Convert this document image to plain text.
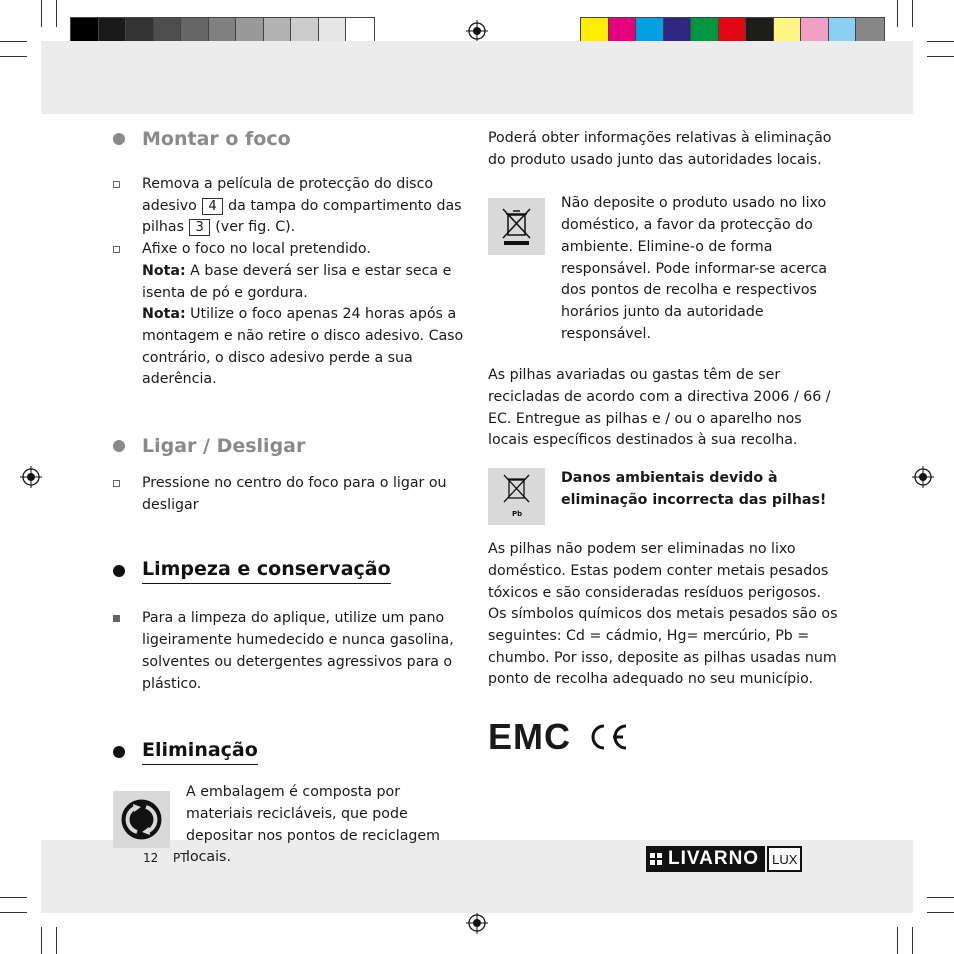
Montar o foco
Remova a película de protecção do disco adesivo 4 da tampa do compartimento das pilhas 3 (ver fig. C).
Afixe o foco no local pretendido.
Nota: A base deverá ser lisa e estar seca e isenta de pó e gordura.
Nota: Utilize o foco apenas 24 horas após a montagem e não retire o disco adesivo. Caso contrário, o disco adesivo perde a sua aderência.
Ligar / Desligar
Pressione no centro do foco para o ligar ou desligar
Limpeza e conservação
Para a limpeza do aplique, utilize um pano ligeiramente humedecido e nunca gasolina, solventes ou detergentes agressivos para o plástico.
Eliminação
A embalagem é composta por materiais recicláveis, que pode depositar nos pontos de reciclagem locais.
Poderá obter informações relativas à eliminação do produto usado junto das autoridades locais.
Não deposite o produto usado no lixo doméstico, a favor da protecção do ambiente. Elimine-o de forma responsável. Pode informar-se acerca dos pontos de recolha e respectivos horários junto da autoridade responsável.
As pilhas avariadas ou gastas têm de ser recicladas de acordo com a directiva 2006 / 66 / EC. Entregue as pilhas e / ou o aparelho nos locais específicos destinados à sua recolha.
Pb
Danos ambientais devido à eliminação incorrecta das pilhas!
As pilhas não podem ser eliminadas no lixo doméstico. Estas podem conter metais pesados tóxicos e são consideradas resíduos perigosos. Os símbolos químicos dos metais pesados são os seguintes: Cd = cádmio, Hg= mercúrio, Pb = chumbo. Por isso, deposite as pilhas usadas num ponto de recolha adequado no seu município.
EMC
12 PT	LIVARNO	LUX
